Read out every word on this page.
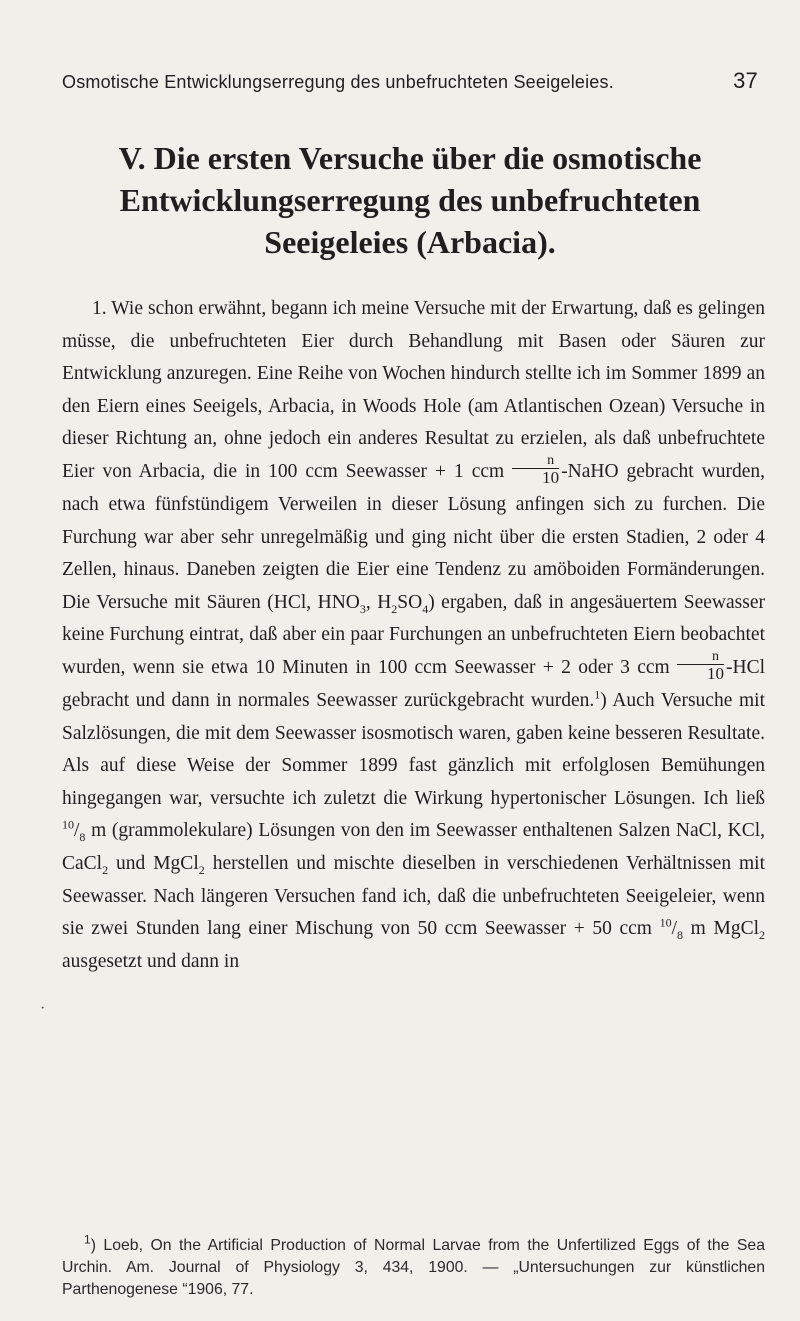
Osmotische Entwicklungserregung des unbefruchteten Seeigeleies.	37
V. Die ersten Versuche über die osmotische
Entwicklungserregung des unbefruchteten
Seeigeleies (Arbacia).

1. Wie schon erwähnt, begann ich meine Versuche mit der Erwartung, daß es gelingen müsse, die unbefruchteten Eier durch Behandlung mit Basen oder Säuren zur Entwicklung anzuregen. Eine Reihe von Wochen hindurch stellte ich im Sommer 1899 an den Eiern eines Seeigels, Arbacia, in Woods Hole (am Atlantischen Ozean) Versuche in dieser Richtung an, ohne jedoch ein anderes Resultat zu erzielen, als daß unbefruchtete Eier von Arbacia, die in 100 ccm Seewasser + 1 ccm $\frac{n}{10}$ -NaHO gebracht wurden, nach etwa fünfstündigem Verweilen in dieser Lösung anfingen sich zu furchen. Die Furchung war aber sehr unregelmäßig und ging nicht über die ersten Stadien, 2 oder 4 Zellen, hinaus. Daneben zeigten die Eier eine Tendenz zu amöboiden Formänderungen. Die Versuche mit Säuren (HCl, $HNO_3$, $H_2SO_4$) ergaben, daß in angesäuertem Seewasser keine Furchung eintrat, daß aber ein paar Furchungen an unbefruchteten Eiern beobachtet wurden, wenn sie etwa 10 Minuten in 100 ccm Seewasser + 2 oder 3 ccm $\frac{n}{10} -HCl$ gebracht und dann in normales Seewasser zurückgebracht wurden.$^1$) Auch Versuche mit Salzlösungen, die mit dem Seewasser isosmotisch waren, gaben keine besseren Resultate. Als auf diese Weise der Sommer 1899 fast gänzlich mit erfolglosen Bemühungen hingegangen war, versuchte ich zuletzt die Wirkung hypertonischer Lösungen. Ich ließ $^{10}/_8$ m (grammolekulare) Lösungen von den im Seewasser enthaltenen Salzen NaCl, KCl, CaCl$_2$ und MgCl$_2$ herstellen und mischte dieselben in verschiedenen Verhältnissen mit Seewasser. Nach längeren Versuchen fand ich, daß die unbefruchteten Seeigeleier, wenn sie zwei Stunden lang einer Mischung von 50 ccm Seewasser + 50 ccm $^{10}/_8$ m MgCl$_2$ ausgesetzt und dann in

·

$^1$) Loeb, On the Artificial Production of Normal Larvae from the Unfertilized Eggs of the Sea Urchin. Am. Journal of Physiology 3, 434, 1900. — „Untersuchungen zur künstlichen Parthenogenese “1906, 77.
